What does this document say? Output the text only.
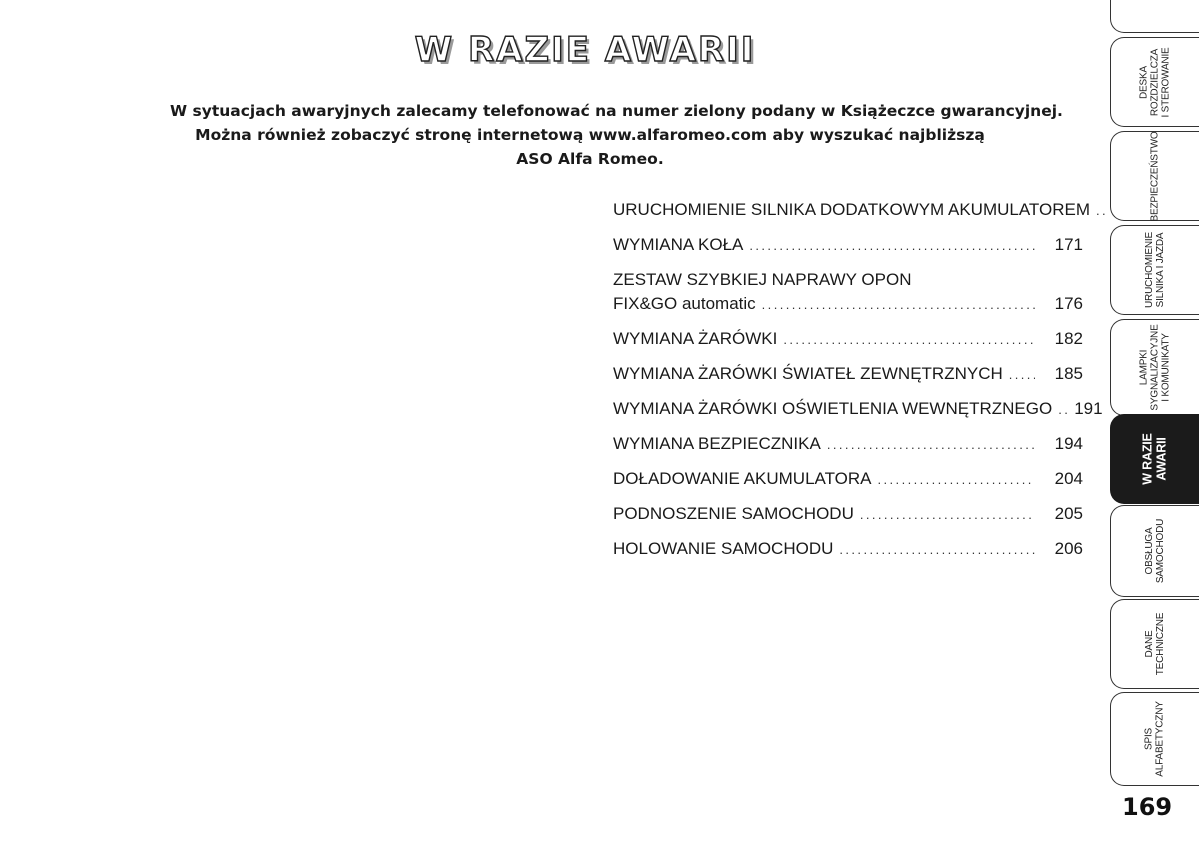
W RAZIE AWARII
W sytuacjach awaryjnych zalecamy telefonować na numer zielony podany w Książeczce gwarancyjnej.
Można również zobaczyć stronę internetową www.alfaromeo.com aby wyszukać najbliższą
ASO Alfa Romeo.
URUCHOMIENIE SILNIKA DODATKOWYM AKUMULATOREM
.....
WYMIANA KOŁA .....	171
ZESTAW SZYBKIEJ NAPRAWY OPON
FIX&GO automatic .....	176
WYMIANA ŻARÓWKI .....	182
WYMIANA ŻARÓWKI ŚWIATEŁ ZEWNĘTRZNYCH .....	185
WYMIANA ŻARÓWKI OŚWIETLENIA WEWNĘTRZNEGO .....	191
WYMIANA BEZPIECZNIKA .....	194
DOŁADOWANIE AKUMULATORA .....	204
PODNOSZENIE SAMOCHODU .....	205
HOLOWANIE SAMOCHODU .....	206
DESKA
ROZDZIELCZA
I STEROWANIE
BEZPIECZEŃSTWO
URUCHOMIENIE
SILNIKA I JAZDA
LAMPKI
SYGNALIZACYJNE
I KOMUNIKATY
W RAZIE
AWARII
OBSŁUGA
SAMOCHODU
DANE
TECHNICZNE
SPIS
ALFABETYCZNY
169
